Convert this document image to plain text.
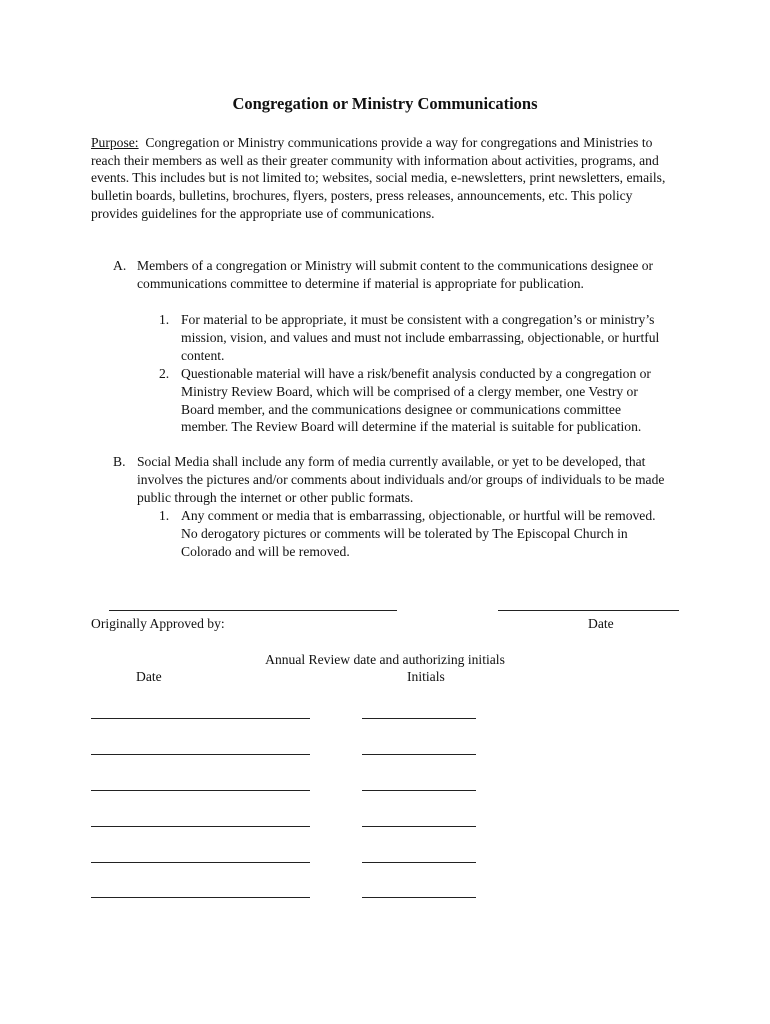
Congregation or Ministry Communications
Purpose: Congregation or Ministry communications provide a way for congregations and Ministries to reach their members as well as their greater community with information about activities, programs, and events. This includes but is not limited to; websites, social media, e-newsletters, print newsletters, emails, bulletin boards, bulletins, brochures, flyers, posters, press releases, announcements, etc. This policy provides guidelines for the appropriate use of communications.
A. Members of a congregation or Ministry will submit content to the communications designee or communications committee to determine if material is appropriate for publication.
1. For material to be appropriate, it must be consistent with a congregation’s or ministry’s mission, vision, and values and must not include embarrassing, objectionable, or hurtful content.
2. Questionable material will have a risk/benefit analysis conducted by a congregation or Ministry Review Board, which will be comprised of a clergy member, one Vestry or Board member, and the communications designee or communications committee member. The Review Board will determine if the material is suitable for publication.
B. Social Media shall include any form of media currently available, or yet to be developed, that involves the pictures and/or comments about individuals and/or groups of individuals to be made public through the internet or other public formats.
1. Any comment or media that is embarrassing, objectionable, or hurtful will be removed. No derogatory pictures or comments will be tolerated by The Episcopal Church in Colorado and will be removed.
Originally Approved by:	Date
Annual Review date and authorizing initials
Date	Initials
